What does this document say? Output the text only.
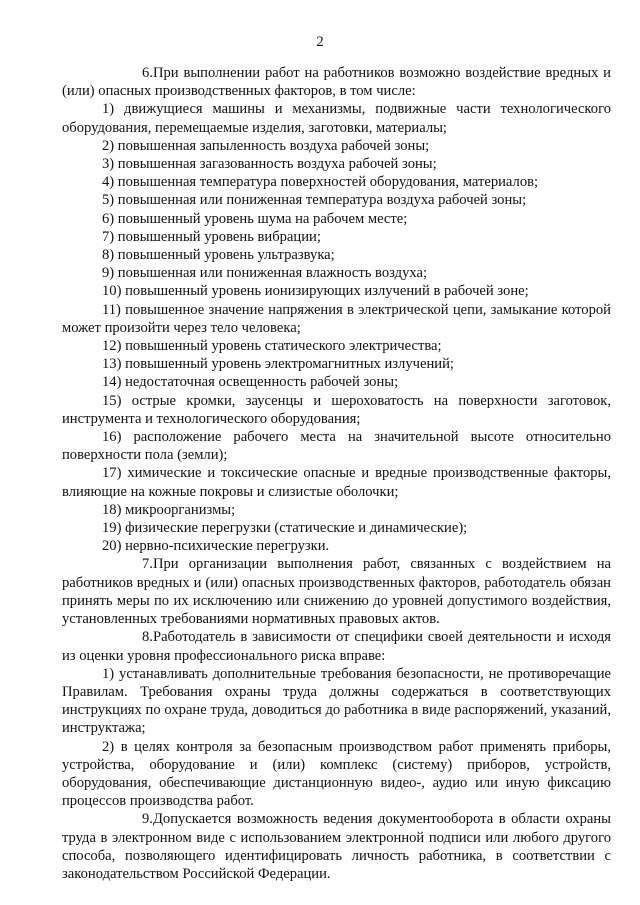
2

6.При выполнении работ на работников возможно воздействие вредных и (или) опасных производственных факторов, в том числе:

1) движущиеся машины и механизмы, подвижные части технологического оборудования, перемещаемые изделия, заготовки, материалы;

2) повышенная запыленность воздуха рабочей зоны;

3) повышенная загазованность воздуха рабочей зоны;

4) повышенная температура поверхностей оборудования, материалов;

5) повышенная или пониженная температура воздуха рабочей зоны;

6) повышенный уровень шума на рабочем месте;

7) повышенный уровень вибрации;

8) повышенный уровень ультразвука;

9) повышенная или пониженная влажность воздуха;

10) повышенный уровень ионизирующих излучений в рабочей зоне;

11) повышенное значение напряжения в электрической цепи, замыкание которой может произойти через тело человека;

12) повышенный уровень статического электричества;

13) повышенный уровень электромагнитных излучений;

14) недостаточная освещенность рабочей зоны;

15) острые кромки, заусенцы и шероховатость на поверхности заготовок, инструмента и технологического оборудования;

16) расположение рабочего места на значительной высоте относительно поверхности пола (земли);

17) химические и токсические опасные и вредные производственные факторы, влияющие на кожные покровы и слизистые оболочки;

18) микроорганизмы;

19) физические перегрузки (статические и динамические);

20) нервно-психические перегрузки.

7.При организации выполнения работ, связанных с воздействием на работников вредных и (или) опасных производственных факторов, работодатель обязан принять меры по их исключению или снижению до уровней допустимого воздействия, установленных требованиями нормативных правовых актов.

8.Работодатель в зависимости от специфики своей деятельности и исходя из оценки уровня профессионального риска вправе:

1) устанавливать дополнительные требования безопасности, не противоречащие Правилам. Требования охраны труда должны содержаться в соответствующих инструкциях по охране труда, доводиться до работника в виде распоряжений, указаний, инструктажа;

2) в целях контроля за безопасным производством работ применять приборы, устройства, оборудование и (или) комплекс (систему) приборов, устройств, оборудования, обеспечивающие дистанционную видео-, аудио или иную фиксацию процессов производства работ.

9.Допускается возможность ведения документооборота в области охраны труда в электронном виде с использованием электронной подписи или любого другого способа, позволяющего идентифицировать личность работника, в соответствии с законодательством Российской Федерации.
